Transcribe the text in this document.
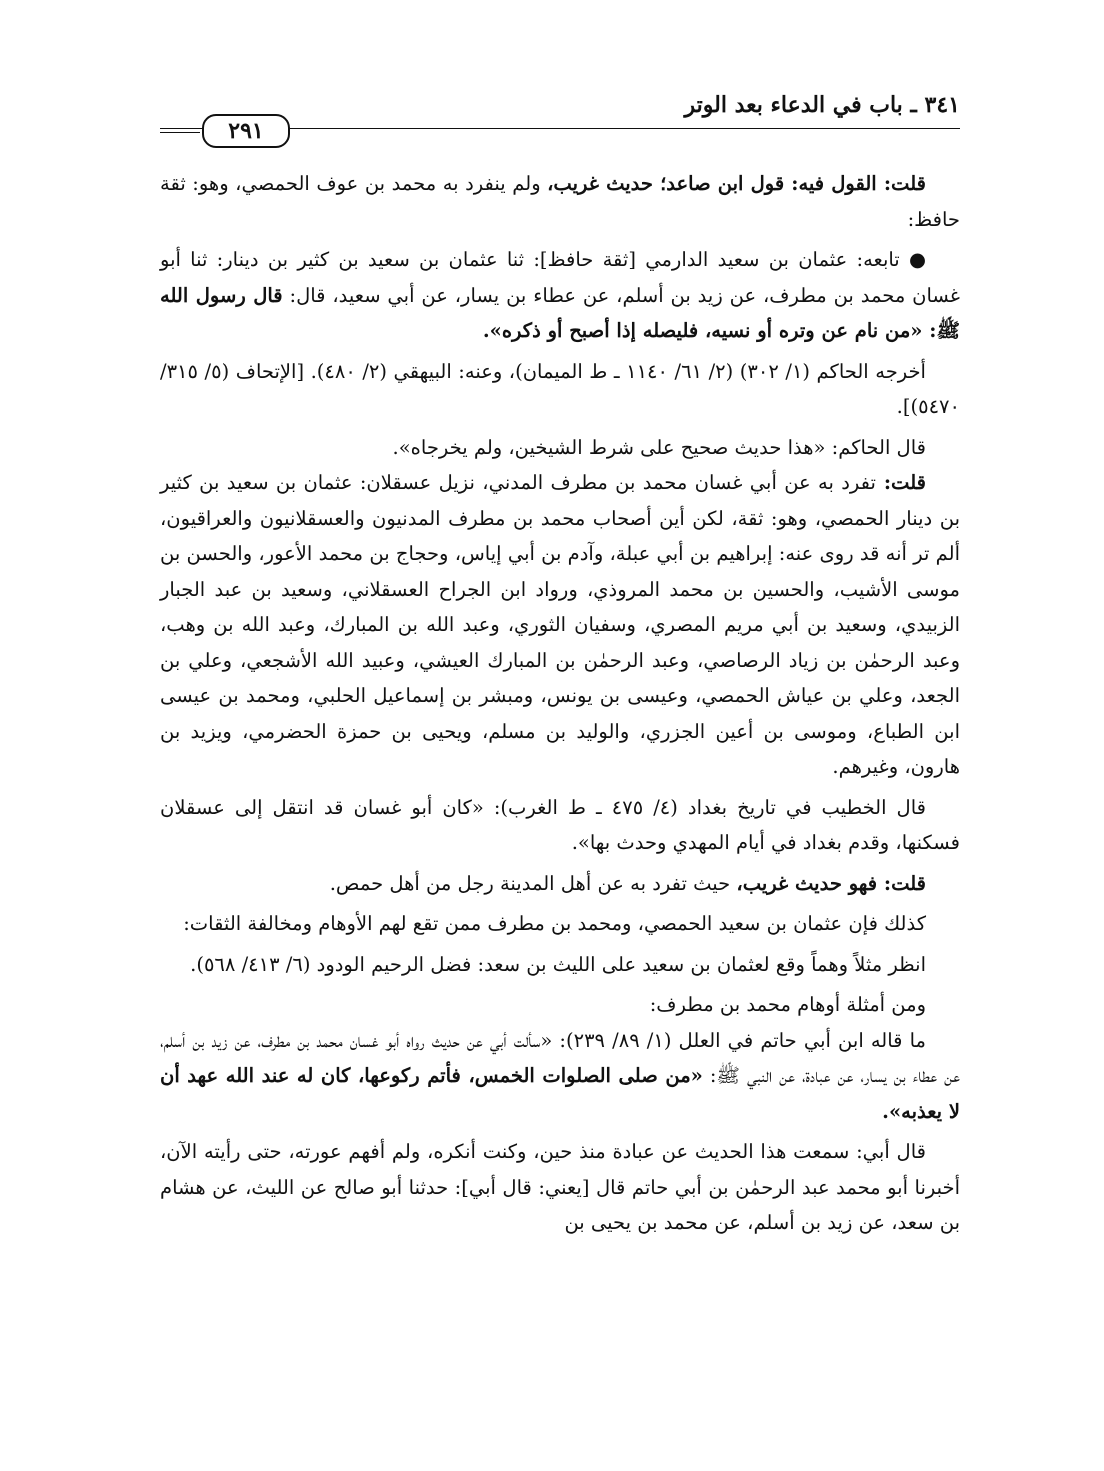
٣٤١ ـ باب في الدعاء بعد الوتر
٢٩١

قلت: القول فيه: قول ابن صاعد؛ حديث غريب، ولم ينفرد به محمد بن عوف الحمصي، وهو: ثقة حافظ:

● تابعه: عثمان بن سعيد الدارمي [ثقة حافظ]: ثنا عثمان بن سعيد بن كثير بن دينار: ثنا أبو غسان محمد بن مطرف، عن زيد بن أسلم، عن عطاء بن يسار، عن أبي سعيد، قال: قال رسول الله ﷺ: «من نام عن وتره أو نسيه، فليصله إذا أصبح أو ذكره».

أخرجه الحاكم (١/ ٣٠٢) (٢/ ٦١/ ١١٤٠ ـ ط الميمان)، وعنه: البيهقي (٢/ ٤٨٠). [الإتحاف (٥/ ٣١٥/ ٥٤٧٠)].

قال الحاكم: «هذا حديث صحيح على شرط الشيخين، ولم يخرجاه».

قلت: تفرد به عن أبي غسان محمد بن مطرف المدني، نزيل عسقلان: عثمان بن سعيد بن كثير بن دينار الحمصي، وهو: ثقة، لكن أين أصحاب محمد بن مطرف المدنيون والعسقلانيون والعراقيون، ألم تر أنه قد روى عنه: إبراهيم بن أبي عبلة، وآدم بن أبي إياس، وحجاج بن محمد الأعور، والحسن بن موسى الأشيب، والحسين بن محمد المروذي، ورواد ابن الجراح العسقلاني، وسعيد بن عبد الجبار الزبيدي، وسعيد بن أبي مريم المصري، وسفيان الثوري، وعبد الله بن المبارك، وعبد الله بن وهب، وعبد الرحمٰن بن زياد الرصاصي، وعبد الرحمٰن بن المبارك العيشي، وعبيد الله الأشجعي، وعلي بن الجعد، وعلي بن عياش الحمصي، وعيسى بن يونس، ومبشر بن إسماعيل الحلبي، ومحمد بن عيسى ابن الطباع، وموسى بن أعين الجزري، والوليد بن مسلم، ويحيى بن حمزة الحضرمي، ويزيد بن هارون، وغيرهم.

قال الخطيب في تاريخ بغداد (٤/ ٤٧٥ ـ ط الغرب): «كان أبو غسان قد انتقل إلى عسقلان فسكنها، وقدم بغداد في أيام المهدي وحدث بها».

قلت: فهو حديث غريب، حيث تفرد به عن أهل المدينة رجل من أهل حمص.

كذلك فإن عثمان بن سعيد الحمصي، ومحمد بن مطرف ممن تقع لهم الأوهام ومخالفة الثقات:

انظر مثلاً وهماً وقع لعثمان بن سعيد على الليث بن سعد: فضل الرحيم الودود (٦/ ٤١٣/ ٥٦٨).

ومن أمثلة أوهام محمد بن مطرف:

ما قاله ابن أبي حاتم في العلل (١/ ٨٩/ ٢٣٩): «سألت أبي عن حديث رواه أبو غسان محمد بن مطرف، عن زيد بن أسلم، عن عطاء بن يسار، عن عبادة، عن النبي ﷺ: «من صلى الصلوات الخمس، فأتم ركوعها، كان له عند الله عهد أن لا يعذبه».

قال أبي: سمعت هذا الحديث عن عبادة منذ حين، وكنت أنكره، ولم أفهم عورته، حتى رأيته الآن، أخبرنا أبو محمد عبد الرحمٰن بن أبي حاتم قال [يعني: قال أبي]: حدثنا أبو صالح عن الليث، عن هشام بن سعد، عن زيد بن أسلم، عن محمد بن يحيى بن
